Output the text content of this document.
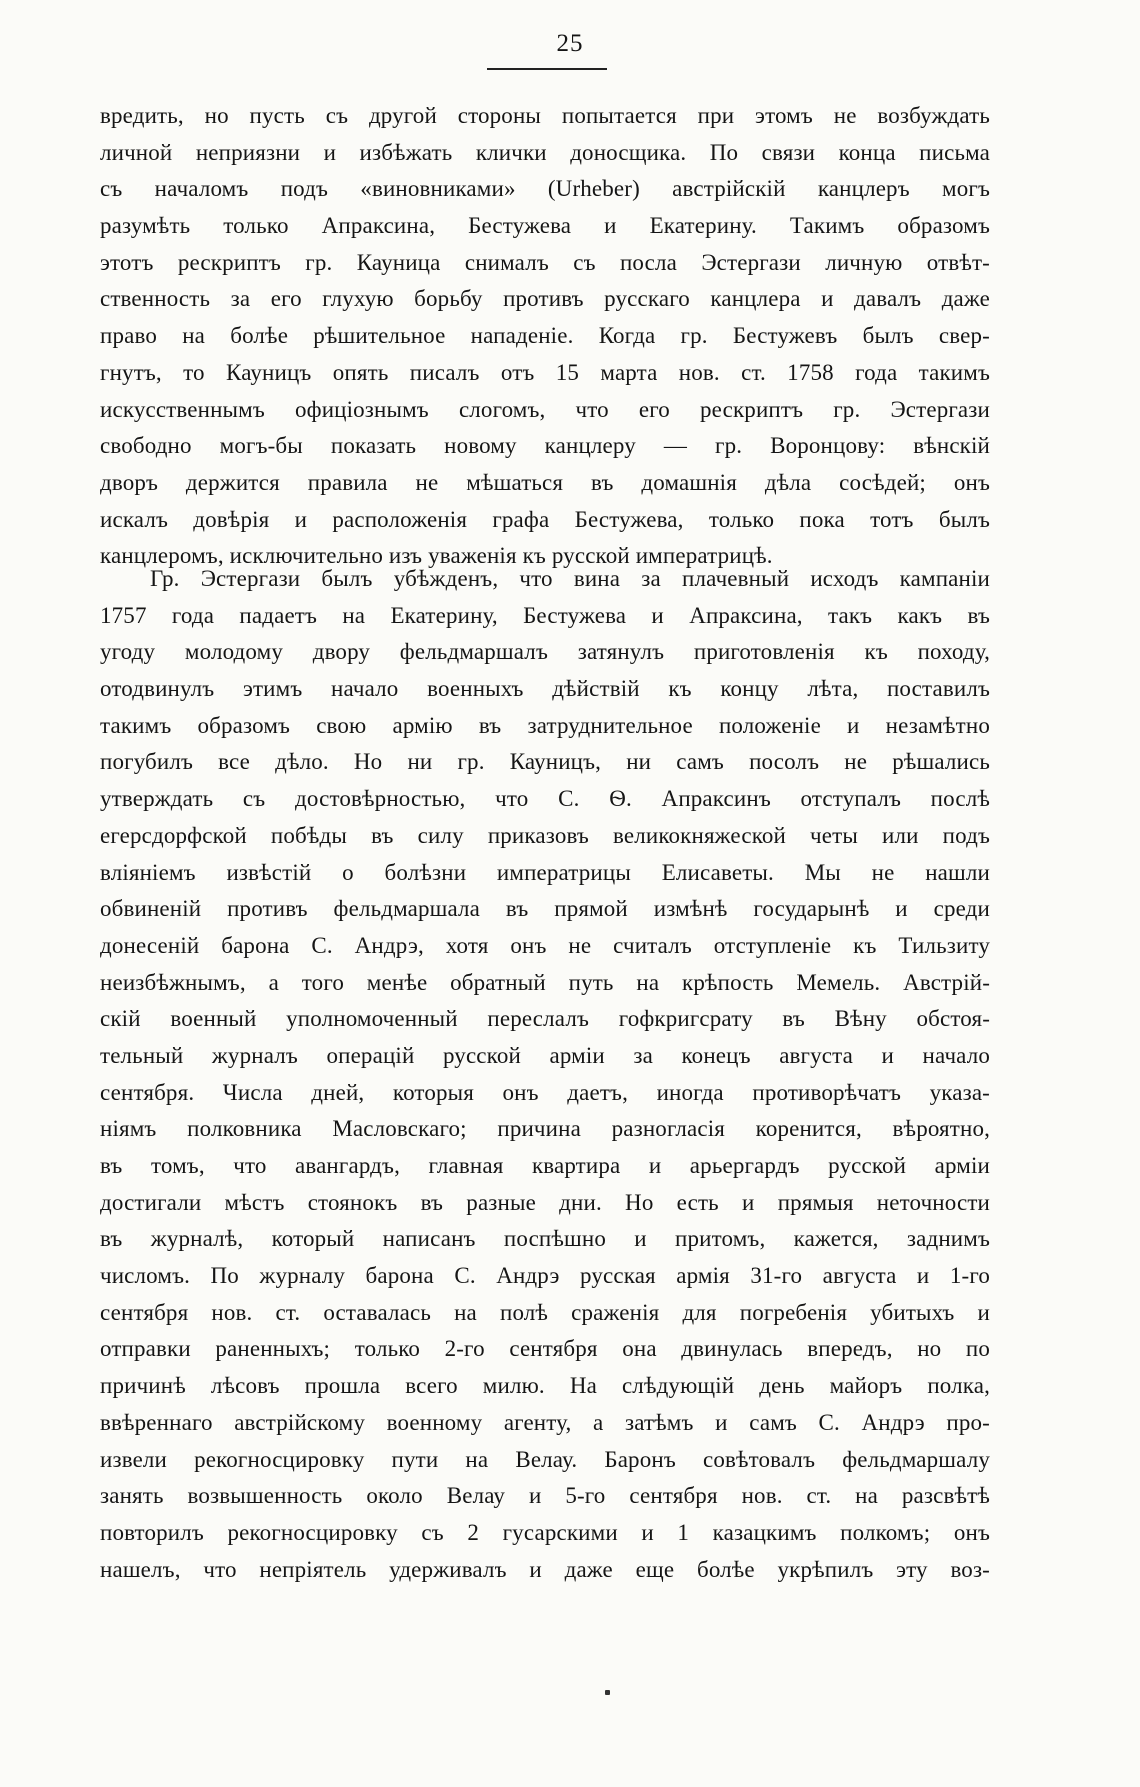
25
вредить, но пусть съ другой стороны попытается при этомъ не возбуждать
личной неприязни и избѣжать клички доносщика. По связи конца письма
съ началомъ подъ «виновниками» (Urheber) австрійскій канцлеръ могъ
разумѣть только Апраксина, Бестужева и Екатерину. Такимъ образомъ
этотъ рескриптъ гр. Кауница снималъ съ посла Эстергази личную отвѣт-
ственность за его глухую борьбу противъ русскаго канцлера и давалъ даже
право на болѣе рѣшительное нападеніе. Когда гр. Бестужевъ былъ свер-
гнутъ, то Кауницъ опять писалъ отъ 15 марта нов. ст. 1758 года такимъ
искусственнымъ офиціознымъ слогомъ, что его рескриптъ гр. Эстергази
свободно могъ-бы показать новому канцлеру — гр. Воронцову: вѣнскій
дворъ держится правила не мѣшаться въ домашнія дѣла сосѣдей; онъ
искалъ довѣрія и расположенія графа Бестужева, только пока тотъ былъ
канцлеромъ, исключительно изъ уваженія къ русской императрицѣ.
Гр. Эстергази былъ убѣжденъ, что вина за плачевный исходъ кампаніи
1757 года падаетъ на Екатерину, Бестужева и Апраксина, такъ какъ въ
угоду молодому двору фельдмаршалъ затянулъ приготовленія къ походу,
отодвинулъ этимъ начало военныхъ дѣйствій къ концу лѣта, поставилъ
такимъ образомъ свою армію въ затруднительное положеніе и незамѣтно
погубилъ все дѣло. Но ни гр. Кауницъ, ни самъ посолъ не рѣшались
утверждать съ достовѣрностью, что С. Ѳ. Апраксинъ отступалъ послѣ
егерсдорфской побѣды въ силу приказовъ великокняжеской четы или подъ
вліяніемъ извѣстій о болѣзни императрицы Елисаветы. Мы не нашли
обвиненій противъ фельдмаршала въ прямой измѣнѣ государынѣ и среди
донесеній барона С. Андрэ, хотя онъ не считалъ отступленіе къ Тильзиту
неизбѣжнымъ, а того менѣе обратный путь на крѣпость Мемель. Австрій-
скій военный уполномоченный переслалъ гофкригсрату въ Вѣну обстоя-
тельный журналъ операцій русской арміи за конецъ августа и начало
сентября. Числа дней, которыя онъ даетъ, иногда противорѣчатъ указа-
ніямъ полковника Масловскаго; причина разногласія коренится, вѣроятно,
въ томъ, что авангардъ, главная квартира и арьергардъ русской арміи
достигали мѣстъ стоянокъ въ разные дни. Но есть и прямыя неточности
въ журналѣ, который написанъ поспѣшно и притомъ, кажется, заднимъ
числомъ. По журналу барона С. Андрэ русская армія 31-го августа и 1-го
сентября нов. ст. оставалась на полѣ сраженія для погребенія убитыхъ и
отправки раненныхъ; только 2-го сентября она двинулась впередъ, но по
причинѣ лѣсовъ прошла всего милю. На слѣдующій день майоръ полка,
ввѣреннаго австрійскому военному агенту, а затѣмъ и самъ С. Андрэ про-
извели рекогносцировку пути на Велау. Баронъ совѣтовалъ фельдмаршалу
занять возвышенность около Велау и 5-го сентября нов. ст. на разсвѣтѣ
повторилъ рекогносцировку съ 2 гусарскими и 1 казацкимъ полкомъ; онъ
нашелъ, что непріятель удерживалъ и даже еще болѣе укрѣпилъ эту воз-
